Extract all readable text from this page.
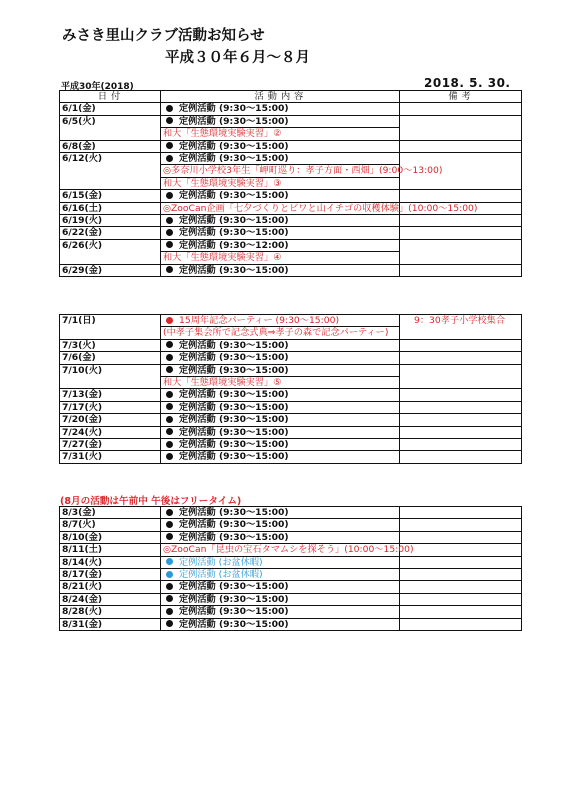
みさき里山クラブ活動お知らせ
平成３０年６月～８月
平成30年(2018)	2018. 5. 30.
日付	活動内容	備考
6/1(金)	定例活動 (9:30～15:00)	
6/5(火)	定例活動 (9:30～15:00)	
	和大「生態環境実験実習」②	
6/8(金)	定例活動 (9:30～15:00)	
6/12(火)	定例活動 (9:30～15:00)	
	◎多奈川小学校3年生「岬町巡り：孝子方面・西畑」(9:00～13:00)	
	和大「生態環境実験実習」③	
6/15(金)	定例活動 (9:30～15:00)	
6/16(土)	◎ZooCan企画「七夕づくりとビワと山イチゴの収穫体験」(10:00～15:00)	
6/19(火)	定例活動 (9:30～15:00)	
6/22(金)	定例活動 (9:30～15:00)	
6/26(火)	定例活動 (9:30～12:00)	
	和大「生態環境実験実習」④	
6/29(金)	定例活動 (9:30～15:00)	
7/1(日)	15周年記念パーティー (9:30～15:00)	9：30孝子小学校集合
	(中孝子集会所で記念式典⇒孝子の森で記念パーティー)	
7/3(火)	定例活動 (9:30～15:00)	
7/6(金)	定例活動 (9:30～15:00)	
7/10(火)	定例活動 (9:30～15:00)	
	和大「生態環境実験実習」⑤	
7/13(金)	定例活動 (9:30～15:00)	
7/17(火)	定例活動 (9:30～15:00)	
7/20(金)	定例活動 (9:30～15:00)	
7/24(火)	定例活動 (9:30～15:00)	
7/27(金)	定例活動 (9:30～15:00)	
7/31(火)	定例活動 (9:30～15:00)	
(8月の活動は午前中 午後はフリータイム)
8/3(金)	定例活動 (9:30～15:00)	
8/7(火)	定例活動 (9:30～15:00)	
8/10(金)	定例活動 (9:30～15:00)	
8/11(土)	◎ZooCan「昆虫の宝石タマムシを探そう」(10:00～15:00)	
8/14(火)	定例活動 (お盆休暇)	
8/17(金)	定例活動 (お盆休暇)	
8/21(火)	定例活動 (9:30～15:00)	
8/24(金)	定例活動 (9:30～15:00)	
8/28(火)	定例活動 (9:30～15:00)	
8/31(金)	定例活動 (9:30～15:00)	
